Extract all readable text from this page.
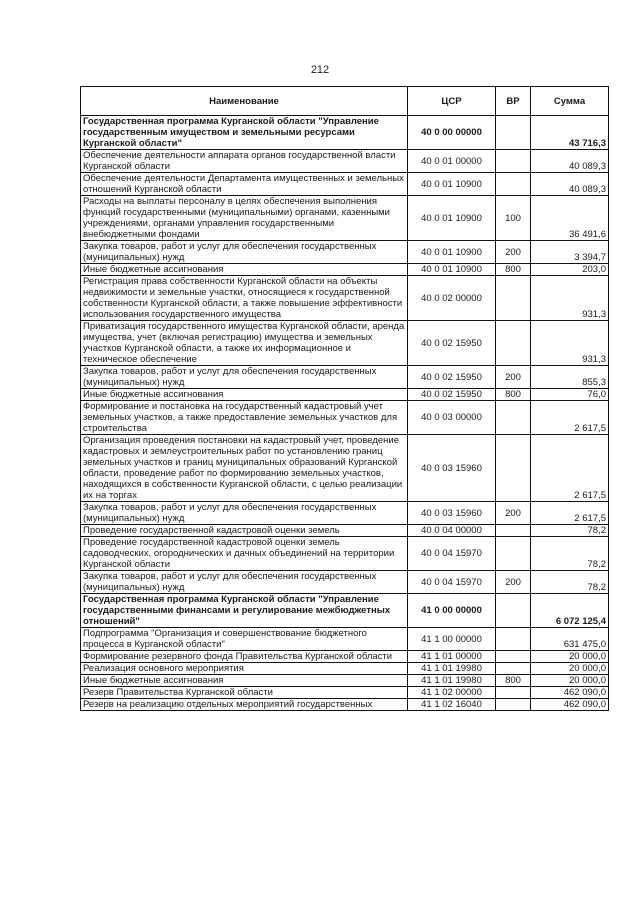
212
Наименование	ЦСР	ВР	Сумма
Государственная программа Курганской области "Управление государственным имуществом и земельными ресурсами Курганской области"	40 0 00 00000		43 716,3
Обеспечение деятельности аппарата органов государственной власти Курганской области	40 0 01 00000		40 089,3
Обеспечение деятельности Департамента имущественных и земельных отношений Курганской области	40 0 01 10900		40 089,3
Расходы на выплаты персоналу в целях обеспечения выполнения функций государственными (муниципальными) органами, казенными учреждениями, органами управления государственными внебюджетными фондами	40 0 01 10900	100	36 491,6
Закупка товаров, работ и услуг для обеспечения государственных (муниципальных) нужд	40 0 01 10900	200	3 394,7
Иные бюджетные ассигнования	40 0 01 10900	800	203,0
Регистрация права собственности Курганской области на объекты недвижимости и земельные участки, относящиеся к государственной собственности Курганской области, а также повышение эффективности использования государственного имущества	40 0 02 00000		931,3
Приватизация государственного имущества Курганской области, аренда имущества, учет (включая регистрацию) имущества и земельных участков Курганской области, а также их информационное и техническое обеспечение	40 0 02 15950		931,3
Закупка товаров, работ и услуг для обеспечения государственных (муниципальных) нужд	40 0 02 15950	200	855,3
Иные бюджетные ассигнования	40 0 02 15950	800	76,0
Формирование и постановка на государственный кадастровый учет земельных участков, а также предоставление земельных участков для строительства	40 0 03 00000		2 617,5
Организация проведения постановки на кадастровый учет, проведение кадастровых и землеустроительных работ по установлению границ земельных участков и границ муниципальных образований Курганской области, проведение работ по формированию земельных участков, находящихся в собственности Курганской области, с целью реализации их на торгах	40 0 03 15960		2 617,5
Закупка товаров, работ и услуг для обеспечения государственных (муниципальных) нужд	40 0 03 15960	200	2 617,5
Проведение государственной кадастровой оценки земель	40 0 04 00000		78,2
Проведение государственной кадастровой оценки земель садоводческих, огороднических и дачных объединений на территории Курганской области	40 0 04 15970		78,2
Закупка товаров, работ и услуг для обеспечения государственных (муниципальных) нужд	40 0 04 15970	200	78,2
Государственная программа Курганской области "Управление государственными финансами и регулирование межбюджетных отношений"	41 0 00 00000		6 072 125,4
Подпрограмма "Организация и совершенствование бюджетного процесса в Курганской области"	41 1 00 00000		631 475,0
Формирование резервного фонда Правительства Курганской области	41 1 01 00000		20 000,0
Реализация основного мероприятия	41 1 01 19980		20 000,0
Иные бюджетные ассигнования	41 1 01 19980	800	20 000,0
Резерв Правительства Курганской области	41 1 02 00000		462 090,0
Резерв на реализацию отдельных мероприятий государственных	41 1 02 16040		462 090,0
